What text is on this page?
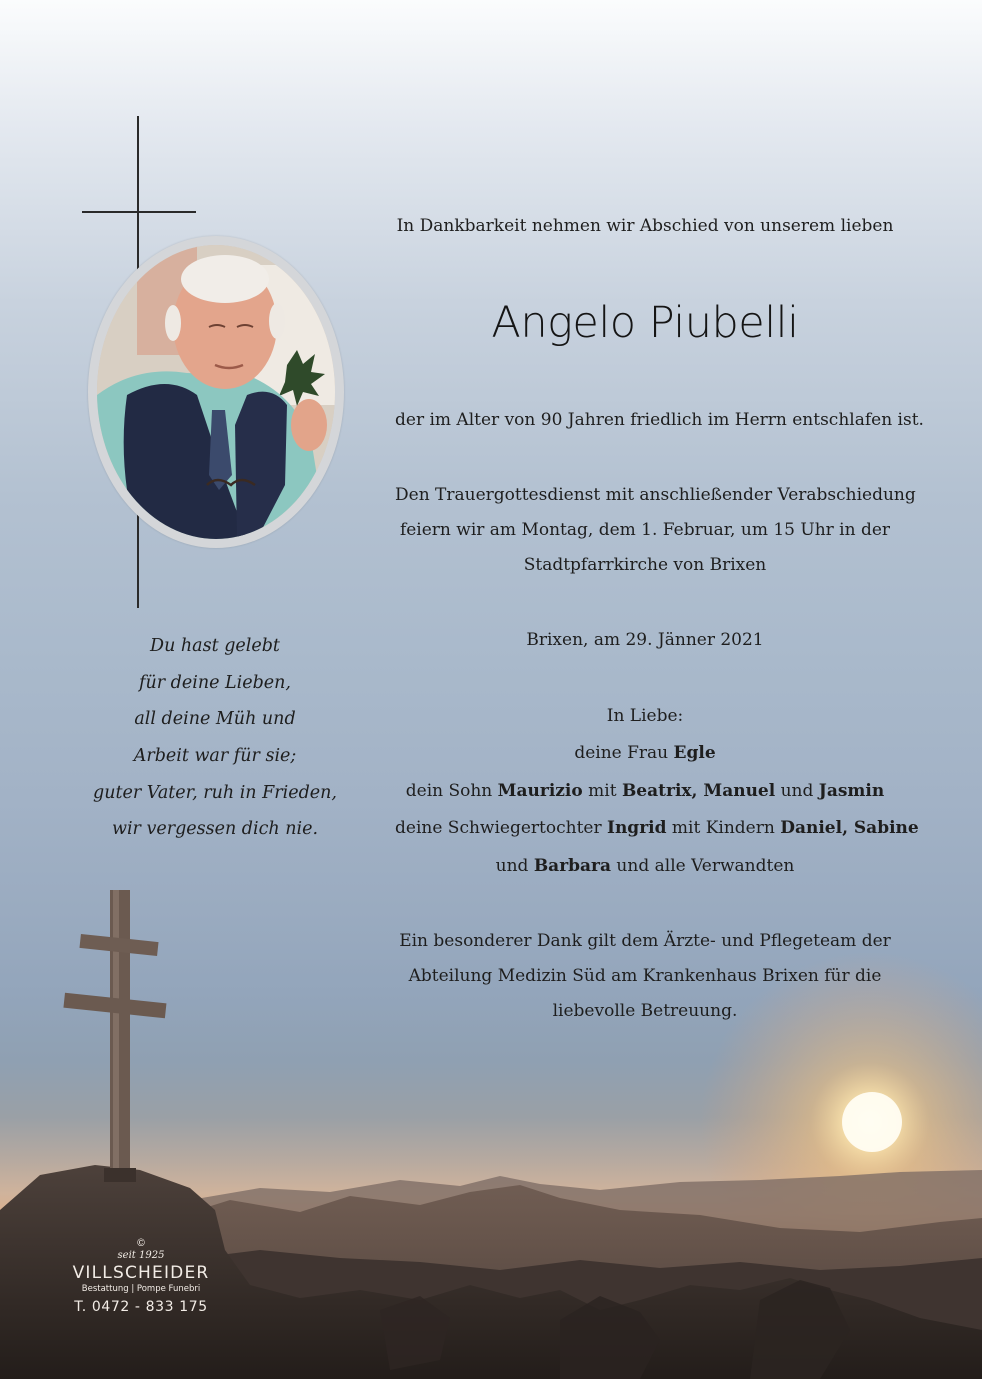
In Dankbarkeit nehmen wir Abschied von unserem lieben
Angelo Piubelli
der im Alter von 90 Jahren friedlich im Herrn entschlafen ist.
Den Trauergottesdienst mit anschließender Verabschiedung
feiern wir am Montag, dem 1. Februar, um 15 Uhr in der
Stadtpfarrkirche von Brixen
Brixen, am 29. Jänner 2021
In Liebe:
deine Frau Egle
dein Sohn Maurizio mit Beatrix, Manuel und Jasmin
deine Schwiegertochter Ingrid mit Kindern Daniel, Sabine
und Barbara und alle Verwandten
Ein besonderer Dank gilt dem Ärzte- und Pflegeteam der
Abteilung Medizin Süd am Krankenhaus Brixen für die
liebevolle Betreuung.
Du hast gelebt
für deine Lieben,
all deine Müh und
Arbeit war für sie;
guter Vater, ruh in Frieden,
wir vergessen dich nie.
©
seit 1925
VILLSCHEIDER
Bestattung | Pompe Funebri
T. 0472 - 833 175
